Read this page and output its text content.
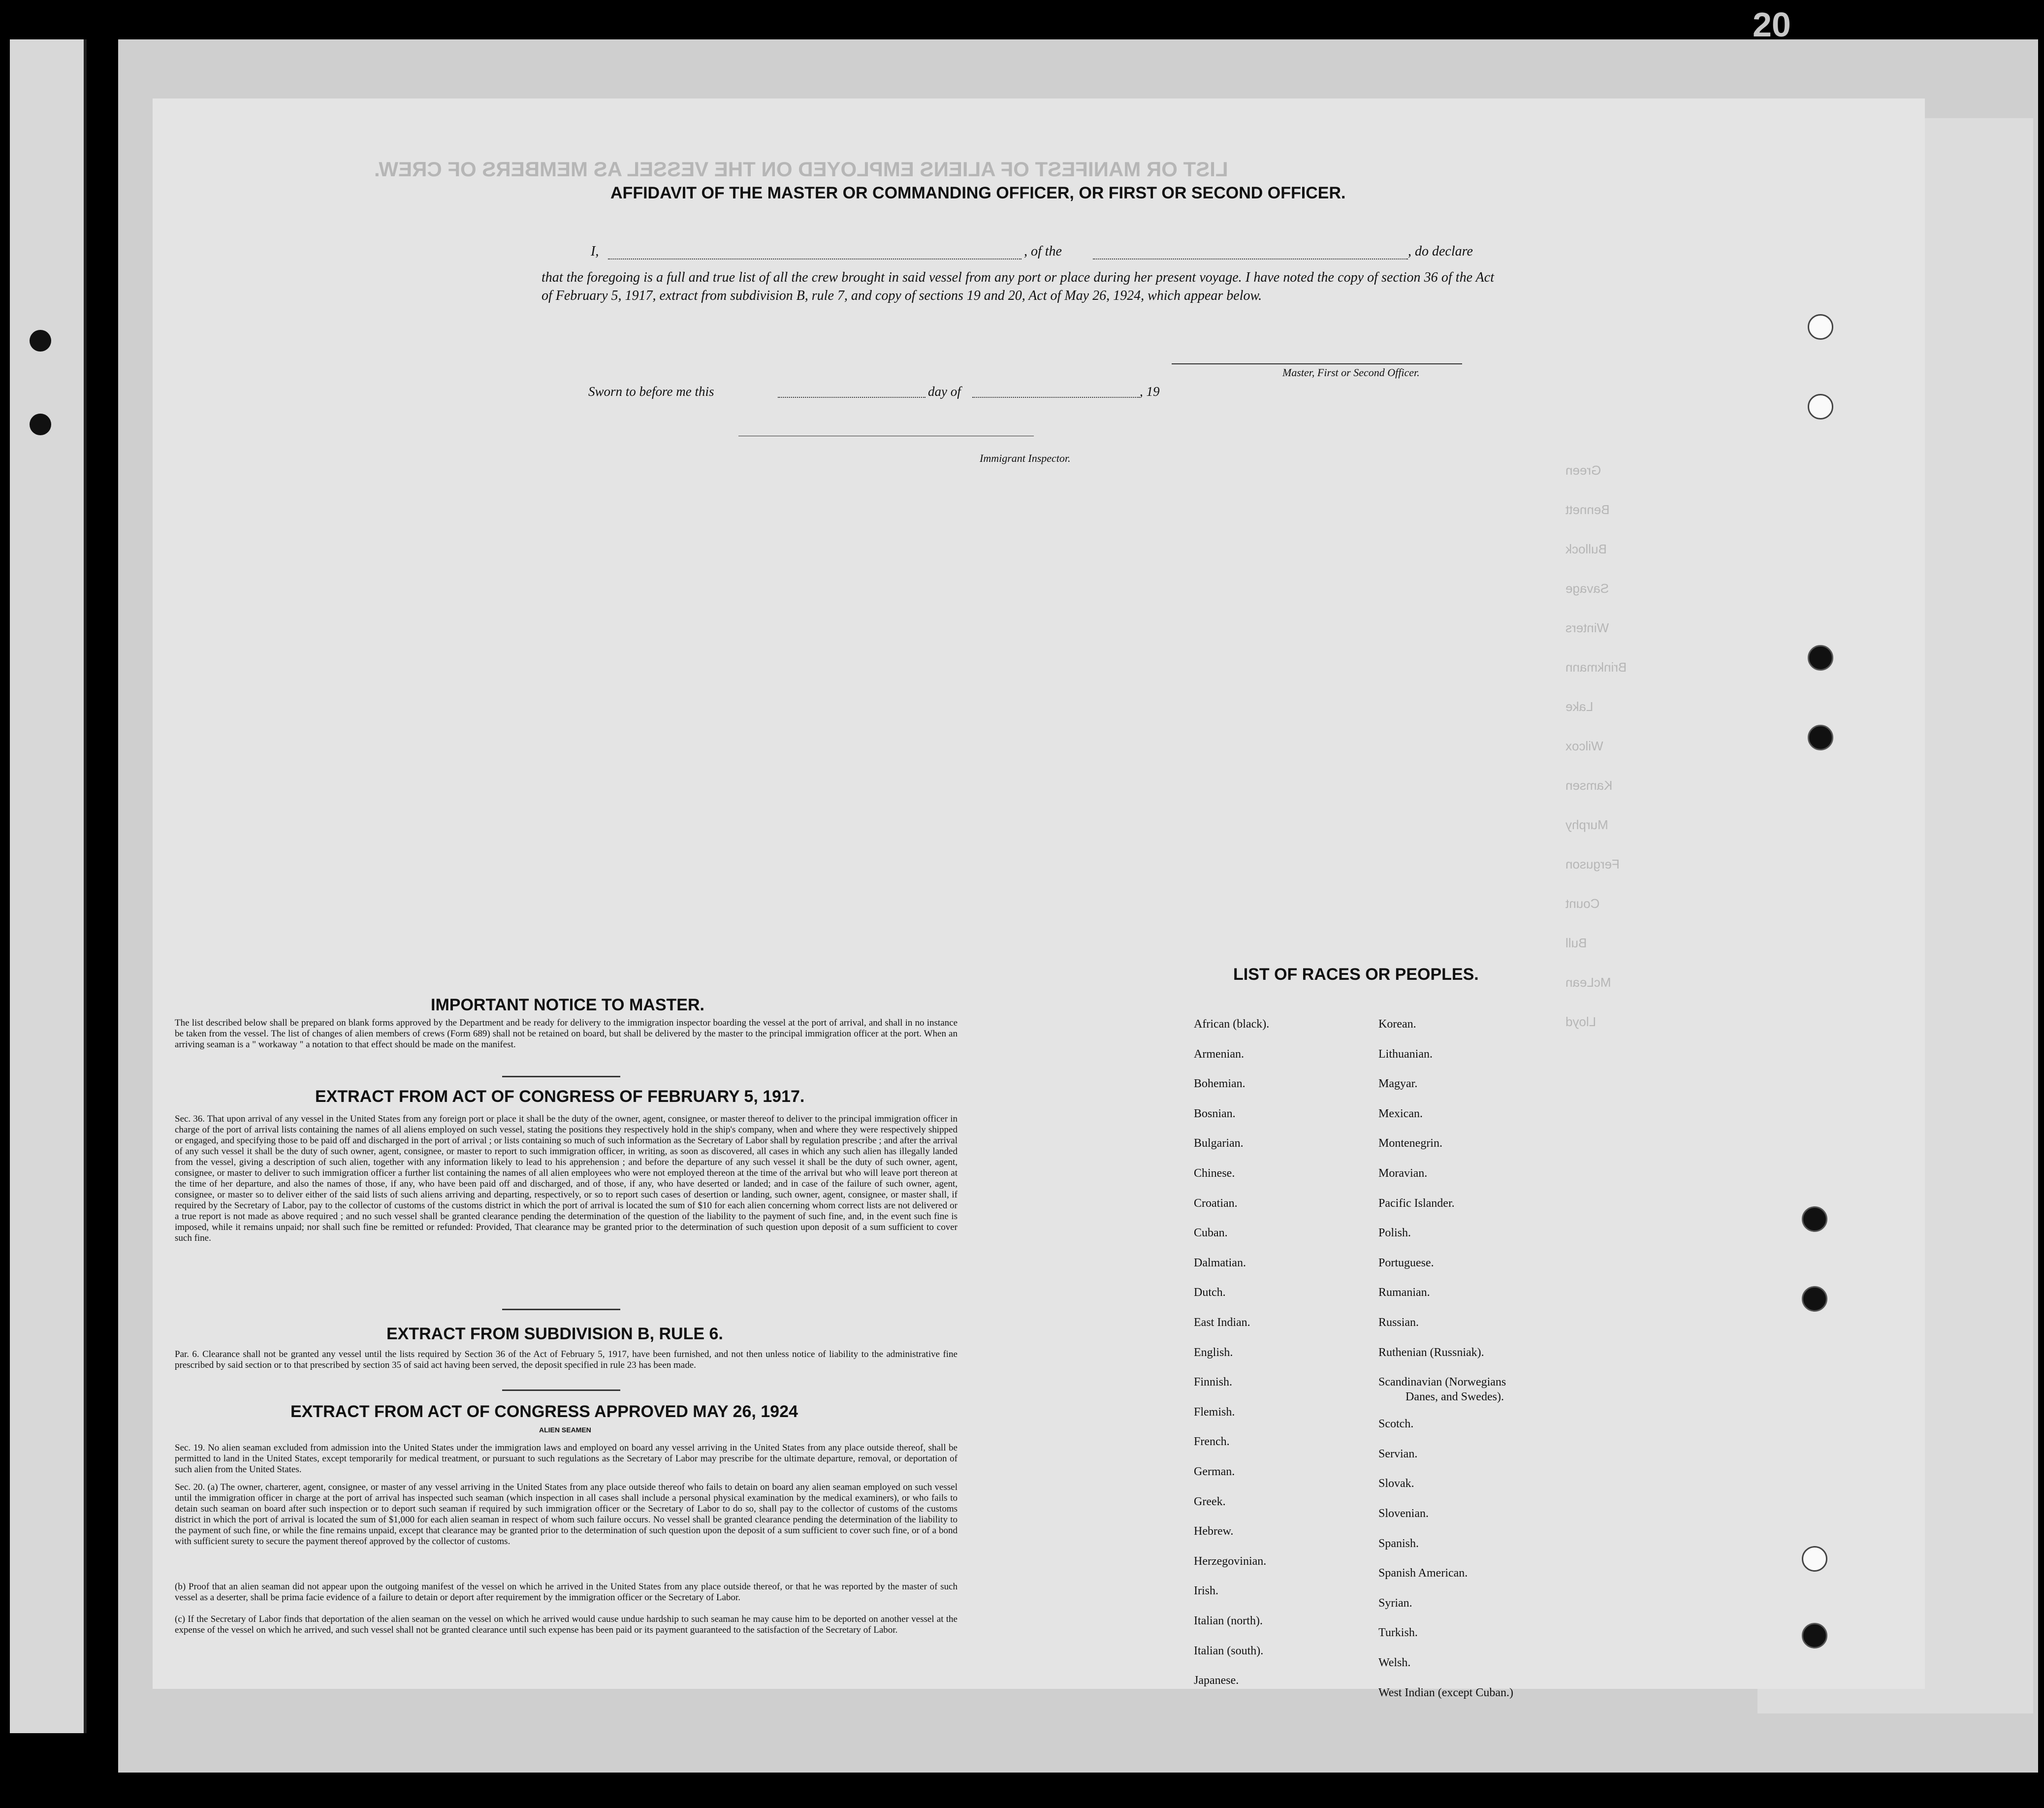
20
LIST OR MANIFEST OF ALIENS EMPLOYED ON THE VESSEL AS MEMBERS OF CREW.
Green
Bennett
Bullock
Savage
Winters
Brinkmann
Lake
Wilcox
Kamsen
Murphy
Ferguson
Count
Bull
McLean
Lloyd
AFFIDAVIT OF THE MASTER OR COMMANDING OFFICER, OR FIRST OR SECOND OFFICER.
I,	, of the	, do declare
that the foregoing is a full and true list of all the crew brought in said vessel from any port or place during her present voyage. I have noted the copy of section 36 of the Act of February 5, 1917, extract from subdivision B, rule 7, and copy of sections 19 and 20, Act of May 26, 1924, which appear below.
Master, First or Second Officer.
Sworn to before me this	day of	, 19
Immigrant Inspector.
IMPORTANT NOTICE TO MASTER.
The list described below shall be prepared on blank forms approved by the Department and be ready for delivery to the immigration inspector boarding the vessel at the port of arrival, and shall in no instance be taken from the vessel. The list of changes of alien members of crews (Form 689) shall not be retained on board, but shall be delivered by the master to the principal immigration officer at the port. When an arriving seaman is a " workaway " a notation to that effect should be made on the manifest.
EXTRACT FROM ACT OF CONGRESS OF FEBRUARY 5, 1917.
Sec. 36. That upon arrival of any vessel in the United States from any foreign port or place it shall be the duty of the owner, agent, consignee, or master thereof to deliver to the principal immigration officer in charge of the port of arrival lists containing the names of all aliens employed on such vessel, stating the positions they respectively hold in the ship's company, when and where they were respectively shipped or engaged, and specifying those to be paid off and discharged in the port of arrival ; or lists containing so much of such information as the Secretary of Labor shall by regulation prescribe ; and after the arrival of any such vessel it shall be the duty of such owner, agent, consignee, or master to report to such immigration officer, in writing, as soon as discovered, all cases in which any such alien has illegally landed from the vessel, giving a description of such alien, together with any information likely to lead to his apprehension ; and before the departure of any such vessel it shall be the duty of such owner, agent, consignee, or master to deliver to such immigration officer a further list containing the names of all alien employees who were not employed thereon at the time of the arrival but who will leave port thereon at the time of her departure, and also the names of those, if any, who have been paid off and discharged, and of those, if any, who have deserted or landed; and in case of the failure of such owner, agent, consignee, or master so to deliver either of the said lists of such aliens arriving and departing, respectively, or so to report such cases of desertion or landing, such owner, agent, consignee, or master shall, if required by the Secretary of Labor, pay to the collector of customs of the customs district in which the port of arrival is located the sum of $10 for each alien concerning whom correct lists are not delivered or a true report is not made as above required ; and no such vessel shall be granted clearance pending the determination of the question of the liability to the payment of such fine, and, in the event such fine is imposed, while it remains unpaid; nor shall such fine be remitted or refunded: Provided, That clearance may be granted prior to the determination of such question upon deposit of a sum sufficient to cover such fine.
EXTRACT FROM SUBDIVISION B, RULE 6.
Par. 6. Clearance shall not be granted any vessel until the lists required by Section 36 of the Act of February 5, 1917, have been furnished, and not then unless notice of liability to the administrative fine prescribed by said section or to that prescribed by section 35 of said act having been served, the deposit specified in rule 23 has been made.
EXTRACT FROM ACT OF CONGRESS APPROVED MAY 26, 1924
ALIEN SEAMEN
Sec. 19. No alien seaman excluded from admission into the United States under the immigration laws and employed on board any vessel arriving in the United States from any place outside thereof, shall be permitted to land in the United States, except temporarily for medical treatment, or pursuant to such regulations as the Secretary of Labor may prescribe for the ultimate departure, removal, or deportation of such alien from the United States.
Sec. 20. (a) The owner, charterer, agent, consignee, or master of any vessel arriving in the United States from any place outside thereof who fails to detain on board any alien seaman employed on such vessel until the immigration officer in charge at the port of arrival has inspected such seaman (which inspection in all cases shall include a personal physical examination by the medical examiners), or who fails to detain such seaman on board after such inspection or to deport such seaman if required by such immigration officer or the Secretary of Labor to do so, shall pay to the collector of customs of the customs district in which the port of arrival is located the sum of $1,000 for each alien seaman in respect of whom such failure occurs. No vessel shall be granted clearance pending the determination of the liability to the payment of such fine, or while the fine remains unpaid, except that clearance may be granted prior to the determination of such question upon the deposit of a sum sufficient to cover such fine, or of a bond with sufficient surety to secure the payment thereof approved by the collector of customs.
(b) Proof that an alien seaman did not appear upon the outgoing manifest of the vessel on which he arrived in the United States from any place outside thereof, or that he was reported by the master of such vessel as a deserter, shall be prima facie evidence of a failure to detain or deport after requirement by the immigration officer or the Secretary of Labor.
(c) If the Secretary of Labor finds that deportation of the alien seaman on the vessel on which he arrived would cause undue hardship to such seaman he may cause him to be deported on another vessel at the expense of the vessel on which he arrived, and such vessel shall not be granted clearance until such expense has been paid or its payment guaranteed to the satisfaction of the Secretary of Labor.
LIST OF RACES OR PEOPLES.
African (black).
Armenian.
Bohemian.
Bosnian.
Bulgarian.
Chinese.
Croatian.
Cuban.
Dalmatian.
Dutch.
East Indian.
English.
Finnish.
Flemish.
French.
German.
Greek.
Hebrew.
Herzegovinian.
Irish.
Italian (north).
Italian (south).
Japanese.
Korean.
Lithuanian.
Magyar.
Mexican.
Montenegrin.
Moravian.
Pacific Islander.
Polish.
Portuguese.
Rumanian.
Russian.
Ruthenian (Russniak).
Scandinavian (Norwegians
Danes, and Swedes).
Scotch.
Servian.
Slovak.
Slovenian.
Spanish.
Spanish American.
Syrian.
Turkish.
Welsh.
West Indian (except Cuban.)
